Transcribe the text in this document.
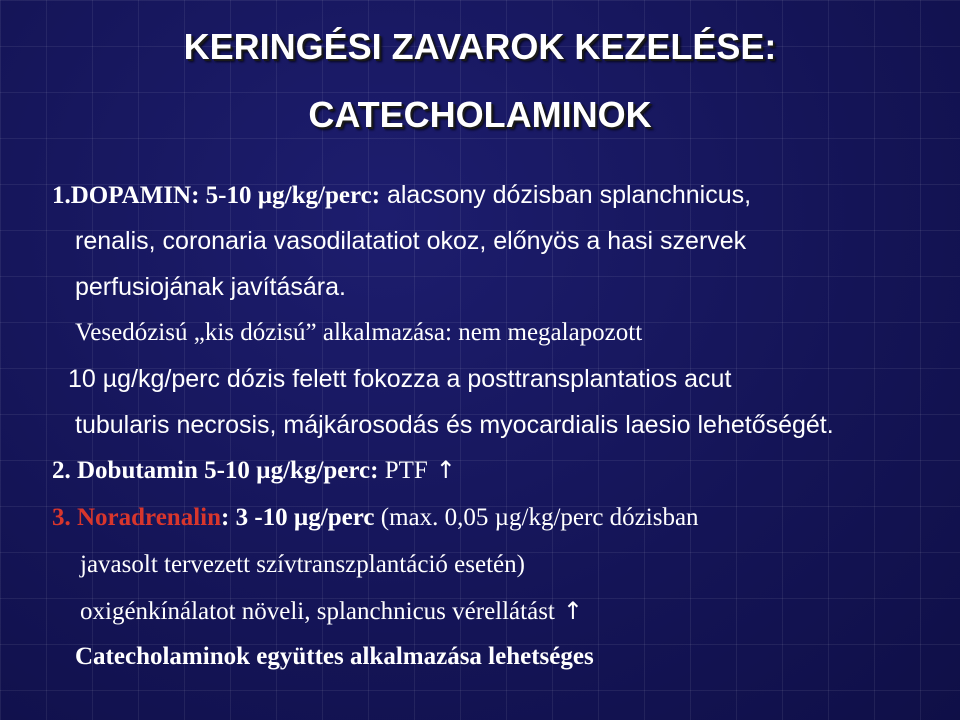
KERINGÉSI ZAVAROK KEZELÉSE:
CATECHOLAMINOK
1.DOPAMIN: 5-10 µg/kg/perc: alacsony dózisban splanchnicus,
renalis, coronaria vasodilatatiot okoz, előnyös a hasi szervek
perfusiojának javítására.
Vesedózisú „kis dózisú” alkalmazása: nem megalapozott
10 µg/kg/perc dózis felett fokozza a posttransplantatios acut
tubularis necrosis, májkárosodás és myocardialis laesio lehetőségét.
2. Dobutamin 5-10 µg/kg/perc: PTF ↑
3. Noradrenalin: 3 -10 µg/perc (max. 0,05 µg/kg/perc dózisban
javasolt tervezett szívtranszplantáció esetén)
oxigénkínálatot növeli, splanchnicus vérellátást ↑
Catecholaminok együttes alkalmazása lehetséges
